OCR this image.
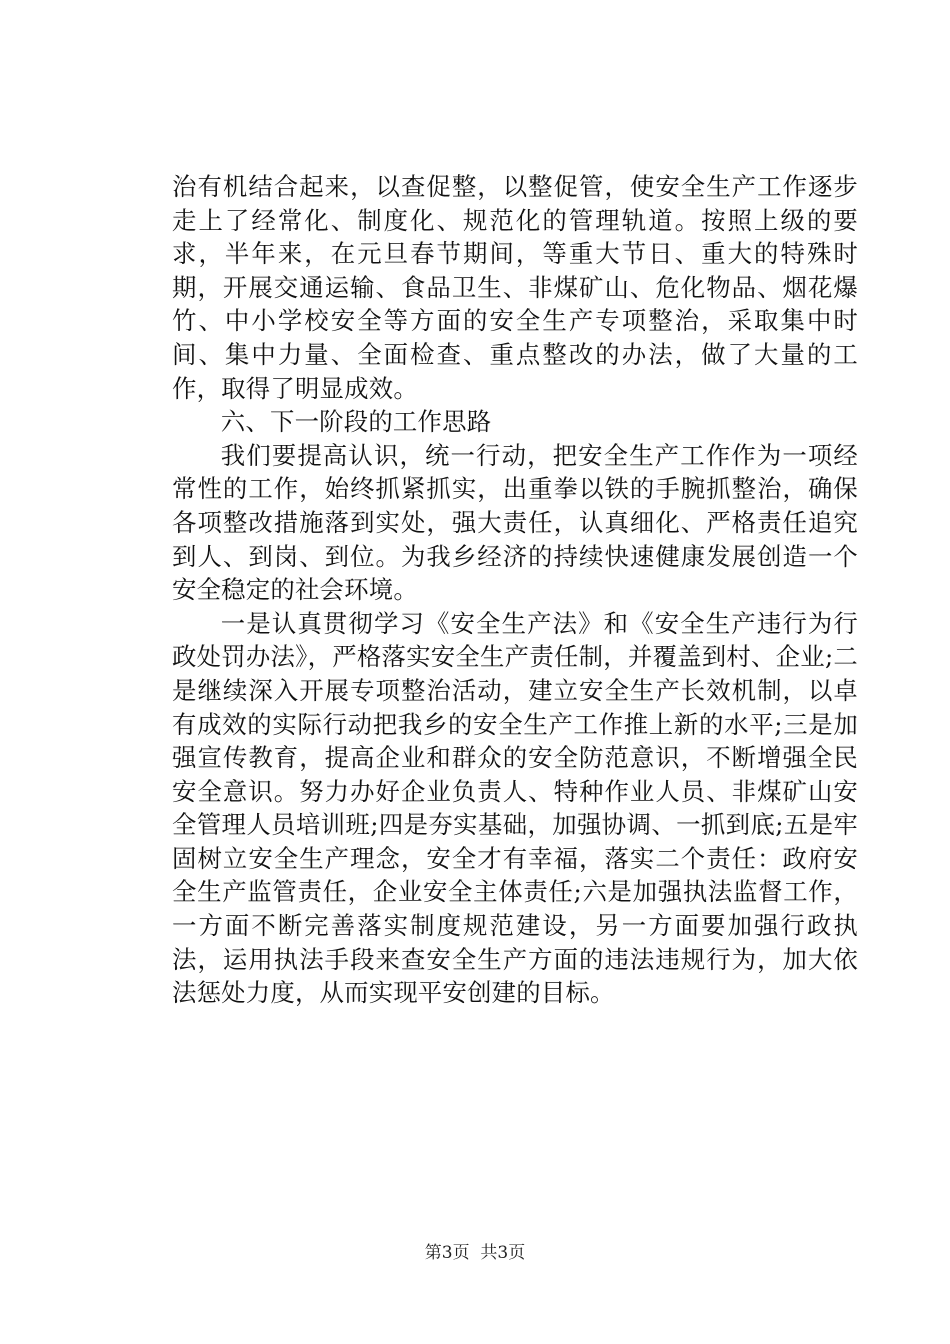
治有机结合起来，以查促整，以整促管，使安全生产工作逐步走上了经常化、制度化、规范化的管理轨道。按照上级的要求，半年来，在元旦春节期间，等重大节日、重大的特殊时期，开展交通运输、食品卫生、非煤矿山、危化物品、烟花爆竹、中小学校安全等方面的安全生产专项整治，采取集中时间、集中力量、全面检查、重点整改的办法，做了大量的工作，取得了明显成效。

六、下一阶段的工作思路

我们要提高认识，统一行动，把安全生产工作作为一项经常性的工作，始终抓紧抓实，出重拳以铁的手腕抓整治，确保各项整改措施落到实处，强大责任，认真细化、严格责任追究到人、到岗、到位。为我乡经济的持续快速健康发展创造一个安全稳定的社会环境。

一是认真贯彻学习《安全生产法》和《安全生产违行为行政处罚办法》，严格落实安全生产责任制，并覆盖到村、企业;二是继续深入开展专项整治活动，建立安全生产长效机制，以卓有成效的实际行动把我乡的安全生产工作推上新的水平;三是加强宣传教育，提高企业和群众的安全防范意识，不断增强全民安全意识。努力办好企业负责人、特种作业人员、非煤矿山安全管理人员培训班;四是夯实基础，加强协调、一抓到底;五是牢固树立安全生产理念，安全才有幸福，落实二个责任：政府安全生产监管责任，企业安全主体责任;六是加强执法监督工作，一方面不断完善落实制度规范建设，另一方面要加强行政执法，运用执法手段来查安全生产方面的违法违规行为，加大依法惩处力度，从而实现平安创建的目标。

第3页 共3页
